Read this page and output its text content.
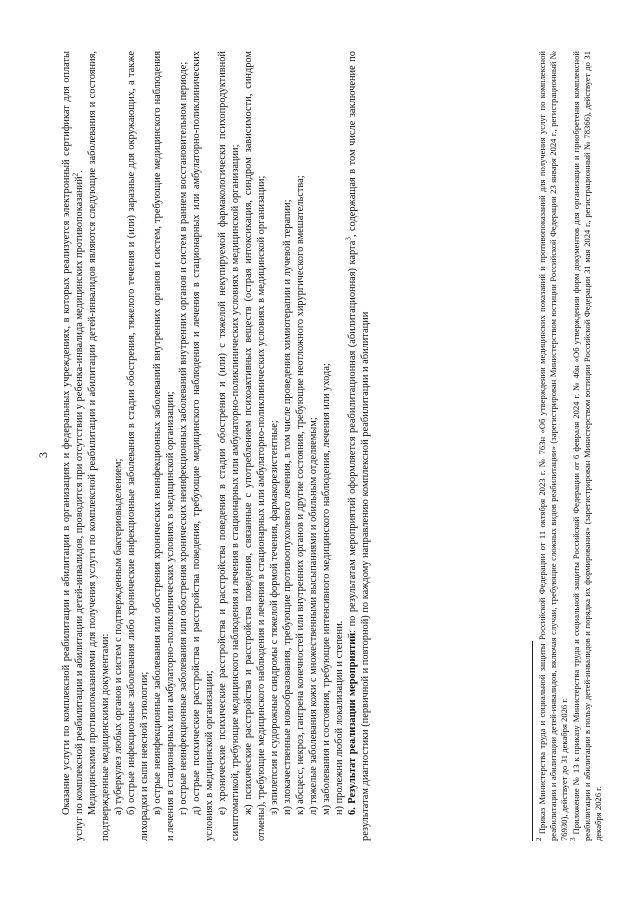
3 Оказание услуги по комплексной реабилитации и абилитации в организациях и федеральных учреждениях, в которых реализуется электронный сертификат для оплаты услуг по комплексной реабилитации и абилитации детей-инвалидов, проводится при отсутствии у ребенка-инвалида медицинских противопоказаний$^2$. Медицинскими противопоказаниями для получения услуги по комплексной реабилитации и абилитации детей-инвалидов являются следующие заболевания и состояния, подтвержденные медицинскими документами: а) туберкулез любых органов и систем с подтвержденным бактериовыделением; б) острые инфекционные заболевания либо хронические инфекционные заболевания в стадии обострения, тяжелого течения и (или) заразные для окружающих, а также лихорадки и сыпи неясной этиологии; в) острые неинфекционные заболевания или обострения хронических неинфекционных заболеваний внутренних органов и систем, требующие медицинского наблюдения и лечения в стационарных или амбулаторно-поликлинических условиях в медицинской организации; г) острые неинфекционные заболевания или обострения хронических неинфекционных заболеваний внутренних органов и систем в раннем восстановительном периоде; д) острые психические расстройства и расстройства поведения, требующие медицинского наблюдения и лечения в стационарных или амбулаторно-поликлинических условиях в медицинской организации; е) хронические психические расстройства и расстройства поведения в стадии обострения и (или) с тяжелой некупируемой фармакологически психопродуктивной симптоматикой, требующие медицинского наблюдения и лечения в стационарных или амбулаторно-поликлинических условиях в медицинской организации; ж) психические расстройства и расстройства поведения, связанные с употреблением психоактивных веществ (острая интоксикация, синдром зависимости, синдром отмены), требующие медицинского наблюдения и лечения в стационарных или амбулаторно-поликлинических условиях в медицинской организации; з) эпилепсия и судорожные синдромы с тяжелой формой течения, фармакорезистентные; и) злокачественные новообразования, требующие противоопухолевого лечения, в том числе проведения химиотерапии и лучевой терапии; к) абсцесс, некроз, гангрена конечностей или внутренних органов и другие состояния, требующие неотложного хирургического вмешательства; л) тяжелые заболевания кожи с множественными высыпаниями и обильным отделяемым; м) заболевания и состояния, требующие интенсивного медицинского наблюдения, лечения или ухода; н) пролежни любой локализации и степени. 6. Результат реализации мероприятий: по результатам мероприятий оформляется реабилитационная (абилитационная) карта$^3$, содержащая в том числе заключение по результатам диагностики (первичной и повторной) по каждому направлению комплексной реабилитации и абилитации	$^2$ Приказ Министерства труда и социальной защиты Российской Федерации от 11 октября 2023 г. № 763н «Об утверждении медицинских показаний и противопоказаний для получения услуг по комплексной реабилитации и абилитации детей-инвалидов, включая случаи, требующие сложных видов реабилитации» (зарегистрирован Министерством юстиции Российской Федерации 23 января 2024 г., регистрационный № 76930), действует до 31 декабря 2026 г. $^3$ Приложение № 13 к приказу Министерства труда и социальной защиты Российской Федерации от 6 февраля 2024 г. № 46н «Об утверждении форм документов для организации и приобретения комплексной реабилитации и абилитации в пользу детей-инвалидов и порядка их формирования» (зарегистрирован Министерством юстиции Российской Федерации 31 мая 2024 г., регистрационный № 78366), действует до 31 декабря 2026 г.
